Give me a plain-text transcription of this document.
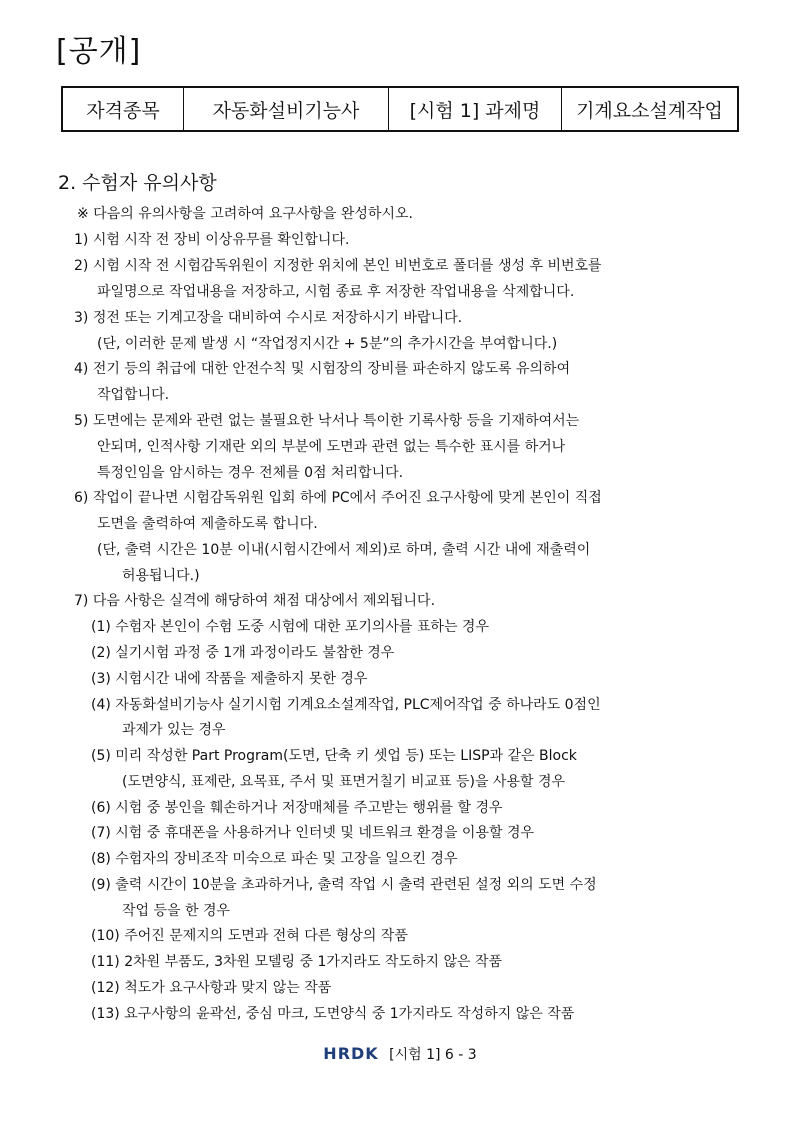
[공개]
자격종목	자동화설비기능사	[시험 1] 과제명	기계요소설계작업
2. 수험자 유의사항
※ 다음의 유의사항을 고려하여 요구사항을 완성하시오.
1) 시험 시작 전 장비 이상유무를 확인합니다.
2) 시험 시작 전 시험감독위원이 지정한 위치에 본인 비번호로 폴더를 생성 후 비번호를
파일명으로 작업내용을 저장하고, 시험 종료 후 저장한 작업내용을 삭제합니다.
3) 정전 또는 기계고장을 대비하여 수시로 저장하시기 바랍니다.
(단, 이러한 문제 발생 시 “작업정지시간 + 5분”의 추가시간을 부여합니다.)
4) 전기 등의 취급에 대한 안전수칙 및 시험장의 장비를 파손하지 않도록 유의하여
작업합니다.
5) 도면에는 문제와 관련 없는 불필요한 낙서나 특이한 기록사항 등을 기재하여서는
안되며, 인적사항 기재란 외의 부분에 도면과 관련 없는 특수한 표시를 하거나
특정인임을 암시하는 경우 전체를 0점 처리합니다.
6) 작업이 끝나면 시험감독위원 입회 하에 PC에서 주어진 요구사항에 맞게 본인이 직접
도면을 출력하여 제출하도록 합니다.
(단, 출력 시간은 10분 이내(시험시간에서 제외)로 하며, 출력 시간 내에 재출력이
허용됩니다.)
7) 다음 사항은 실격에 해당하여 채점 대상에서 제외됩니다.
(1) 수험자 본인이 수험 도중 시험에 대한 포기의사를 표하는 경우
(2) 실기시험 과정 중 1개 과정이라도 불참한 경우
(3) 시험시간 내에 작품을 제출하지 못한 경우
(4) 자동화설비기능사 실기시험 기계요소설계작업, PLC제어작업 중 하나라도 0점인
과제가 있는 경우
(5) 미리 작성한 Part Program(도면, 단축 키 셋업 등) 또는 LISP과 같은 Block
(도면양식, 표제란, 요목표, 주서 및 표면거칠기 비교표 등)을 사용할 경우
(6) 시험 중 봉인을 훼손하거나 저장매체를 주고받는 행위를 할 경우
(7) 시험 중 휴대폰을 사용하거나 인터넷 및 네트워크 환경을 이용할 경우
(8) 수험자의 장비조작 미숙으로 파손 및 고장을 일으킨 경우
(9) 출력 시간이 10분을 초과하거나, 출력 작업 시 출력 관련된 설정 외의 도면 수정
작업 등을 한 경우
(10) 주어진 문제지의 도면과 전혀 다른 형상의 작품
(11) 2차원 부품도, 3차원 모델링 중 1가지라도 작도하지 않은 작품
(12) 척도가 요구사항과 맞지 않는 작품
(13) 요구사항의 윤곽선, 중심 마크, 도면양식 중 1가지라도 작성하지 않은 작품
HRDK [시험 1] 6 - 3
